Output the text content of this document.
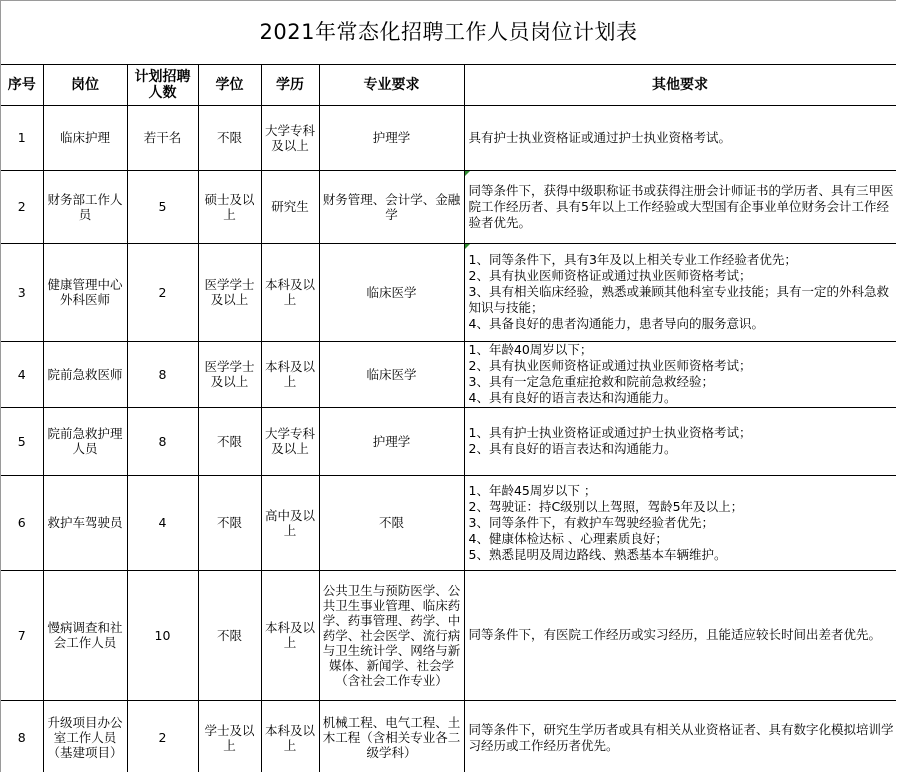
2021年常态化招聘工作人员岗位计划表
序号	岗位	计划招聘人数	学位	学历	专业要求	其他要求
1	临床护理	若干名	不限	大学专科及以上	护理学	具有护士执业资格证或通过护士执业资格考试。
2	财务部工作人员	5	硕士及以上	研究生	财务管理、会计学、金融学	同等条件下，获得中级职称证书或获得注册会计师证书的学历者、具有三甲医院工作经历者、具有5年以上工作经验或大型国有企事业单位财务会计工作经验者优先。
3	健康管理中心外科医师	2	医学学士及以上	本科及以上	临床医学	1、同等条件下，具有3年及以上相关专业工作经验者优先；
2、具有执业医师资格证或通过执业医师资格考试；
3、具有相关临床经验，熟悉或兼顾其他科室专业技能；具有一定的外科急救知识与技能；
4、具备良好的患者沟通能力，患者导向的服务意识。
4	院前急救医师	8	医学学士及以上	本科及以上	临床医学	1、年龄40周岁以下；
2、具有执业医师资格证或通过执业医师资格考试；
3、具有一定急危重症抢救和院前急救经验；
4、具有良好的语言表达和沟通能力。
5	院前急救护理人员	8	不限	大学专科及以上	护理学	1、具有护士执业资格证或通过护士执业资格考试；
2、具有良好的语言表达和沟通能力。
6	救护车驾驶员	4	不限	高中及以上	不限	1、年龄45周岁以下 ；
2、驾驶证：持C级别以上驾照，驾龄5年及以上；
3、同等条件下，有救护车驾驶经验者优先；
4、健康体检达标 、心理素质良好；
5、熟悉昆明及周边路线、熟悉基本车辆维护。
7	慢病调查和社会工作人员	10	不限	本科及以上	公共卫生与预防医学、公共卫生事业管理、临床药学、药事管理、药学、中药学、社会医学、流行病与卫生统计学、网络与新媒体、新闻学、社会学（含社会工作专业）	同等条件下，有医院工作经历或实习经历，且能适应较长时间出差者优先。
8	升级项目办公室工作人员（基建项目）	2	学士及以上	本科及以上	机械工程、电气工程、土木工程（含相关专业各二级学科）	同等条件下，研究生学历者或具有相关从业资格证者、具有数字化模拟培训学习经历或工作经历者优先。
